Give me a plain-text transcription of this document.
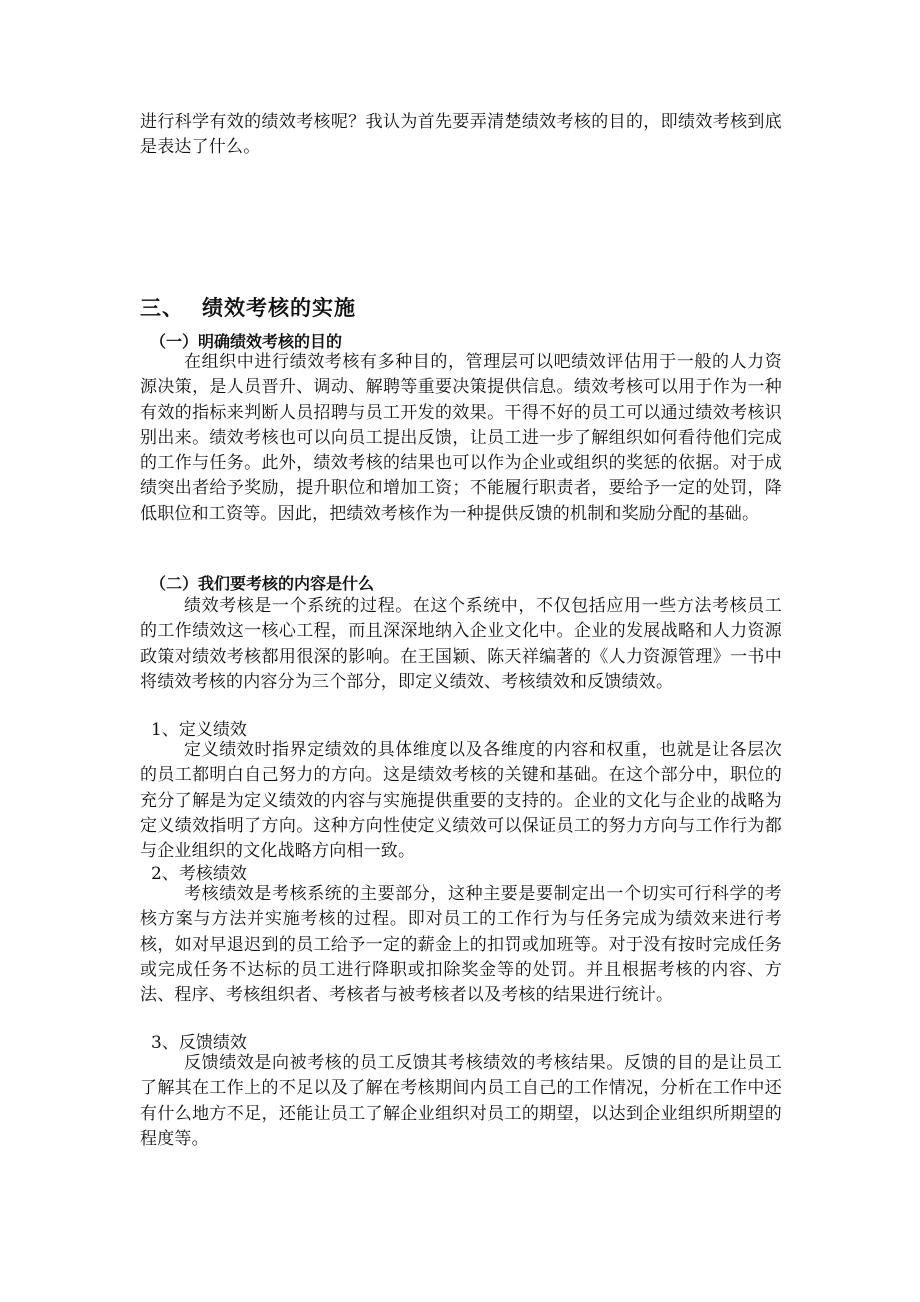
进行科学有效的绩效考核呢？我认为首先要弄清楚绩效考核的目的，即绩效考核到底是表达了什么。
三、 绩效考核的实施
（一）明确绩效考核的目的
在组织中进行绩效考核有多种目的，管理层可以吧绩效评估用于一般的人力资源决策，是人员晋升、调动、解聘等重要决策提供信息。绩效考核可以用于作为一种有效的指标来判断人员招聘与员工开发的效果。干得不好的员工可以通过绩效考核识别出来。绩效考核也可以向员工提出反馈，让员工进一步了解组织如何看待他们完成的工作与任务。此外，绩效考核的结果也可以作为企业或组织的奖惩的依据。对于成绩突出者给予奖励，提升职位和增加工资；不能履行职责者，要给予一定的处罚，降低职位和工资等。因此，把绩效考核作为一种提供反馈的机制和奖励分配的基础。
（二）我们要考核的内容是什么
绩效考核是一个系统的过程。在这个系统中，不仅包括应用一些方法考核员工的工作绩效这一核心工程，而且深深地纳入企业文化中。企业的发展战略和人力资源政策对绩效考核都用很深的影响。在王国颖、陈天祥编著的《人力资源管理》一书中将绩效考核的内容分为三个部分，即定义绩效、考核绩效和反馈绩效。
1、定义绩效
定义绩效时指界定绩效的具体维度以及各维度的内容和权重，也就是让各层次的员工都明白自己努力的方向。这是绩效考核的关键和基础。在这个部分中，职位的充分了解是为定义绩效的内容与实施提供重要的支持的。企业的文化与企业的战略为定义绩效指明了方向。这种方向性使定义绩效可以保证员工的努力方向与工作行为都与企业组织的文化战略方向相一致。
2、考核绩效
考核绩效是考核系统的主要部分，这种主要是要制定出一个切实可行科学的考核方案与方法并实施考核的过程。即对员工的工作行为与任务完成为绩效来进行考核，如对早退迟到的员工给予一定的薪金上的扣罚或加班等。对于没有按时完成任务或完成任务不达标的员工进行降职或扣除奖金等的处罚。并且根据考核的内容、方法、程序、考核组织者、考核者与被考核者以及考核的结果进行统计。
3、反馈绩效
反馈绩效是向被考核的员工反馈其考核绩效的考核结果。反馈的目的是让员工了解其在工作上的不足以及了解在考核期间内员工自己的工作情况，分析在工作中还有什么地方不足，还能让员工了解企业组织对员工的期望，以达到企业组织所期望的程度等。
